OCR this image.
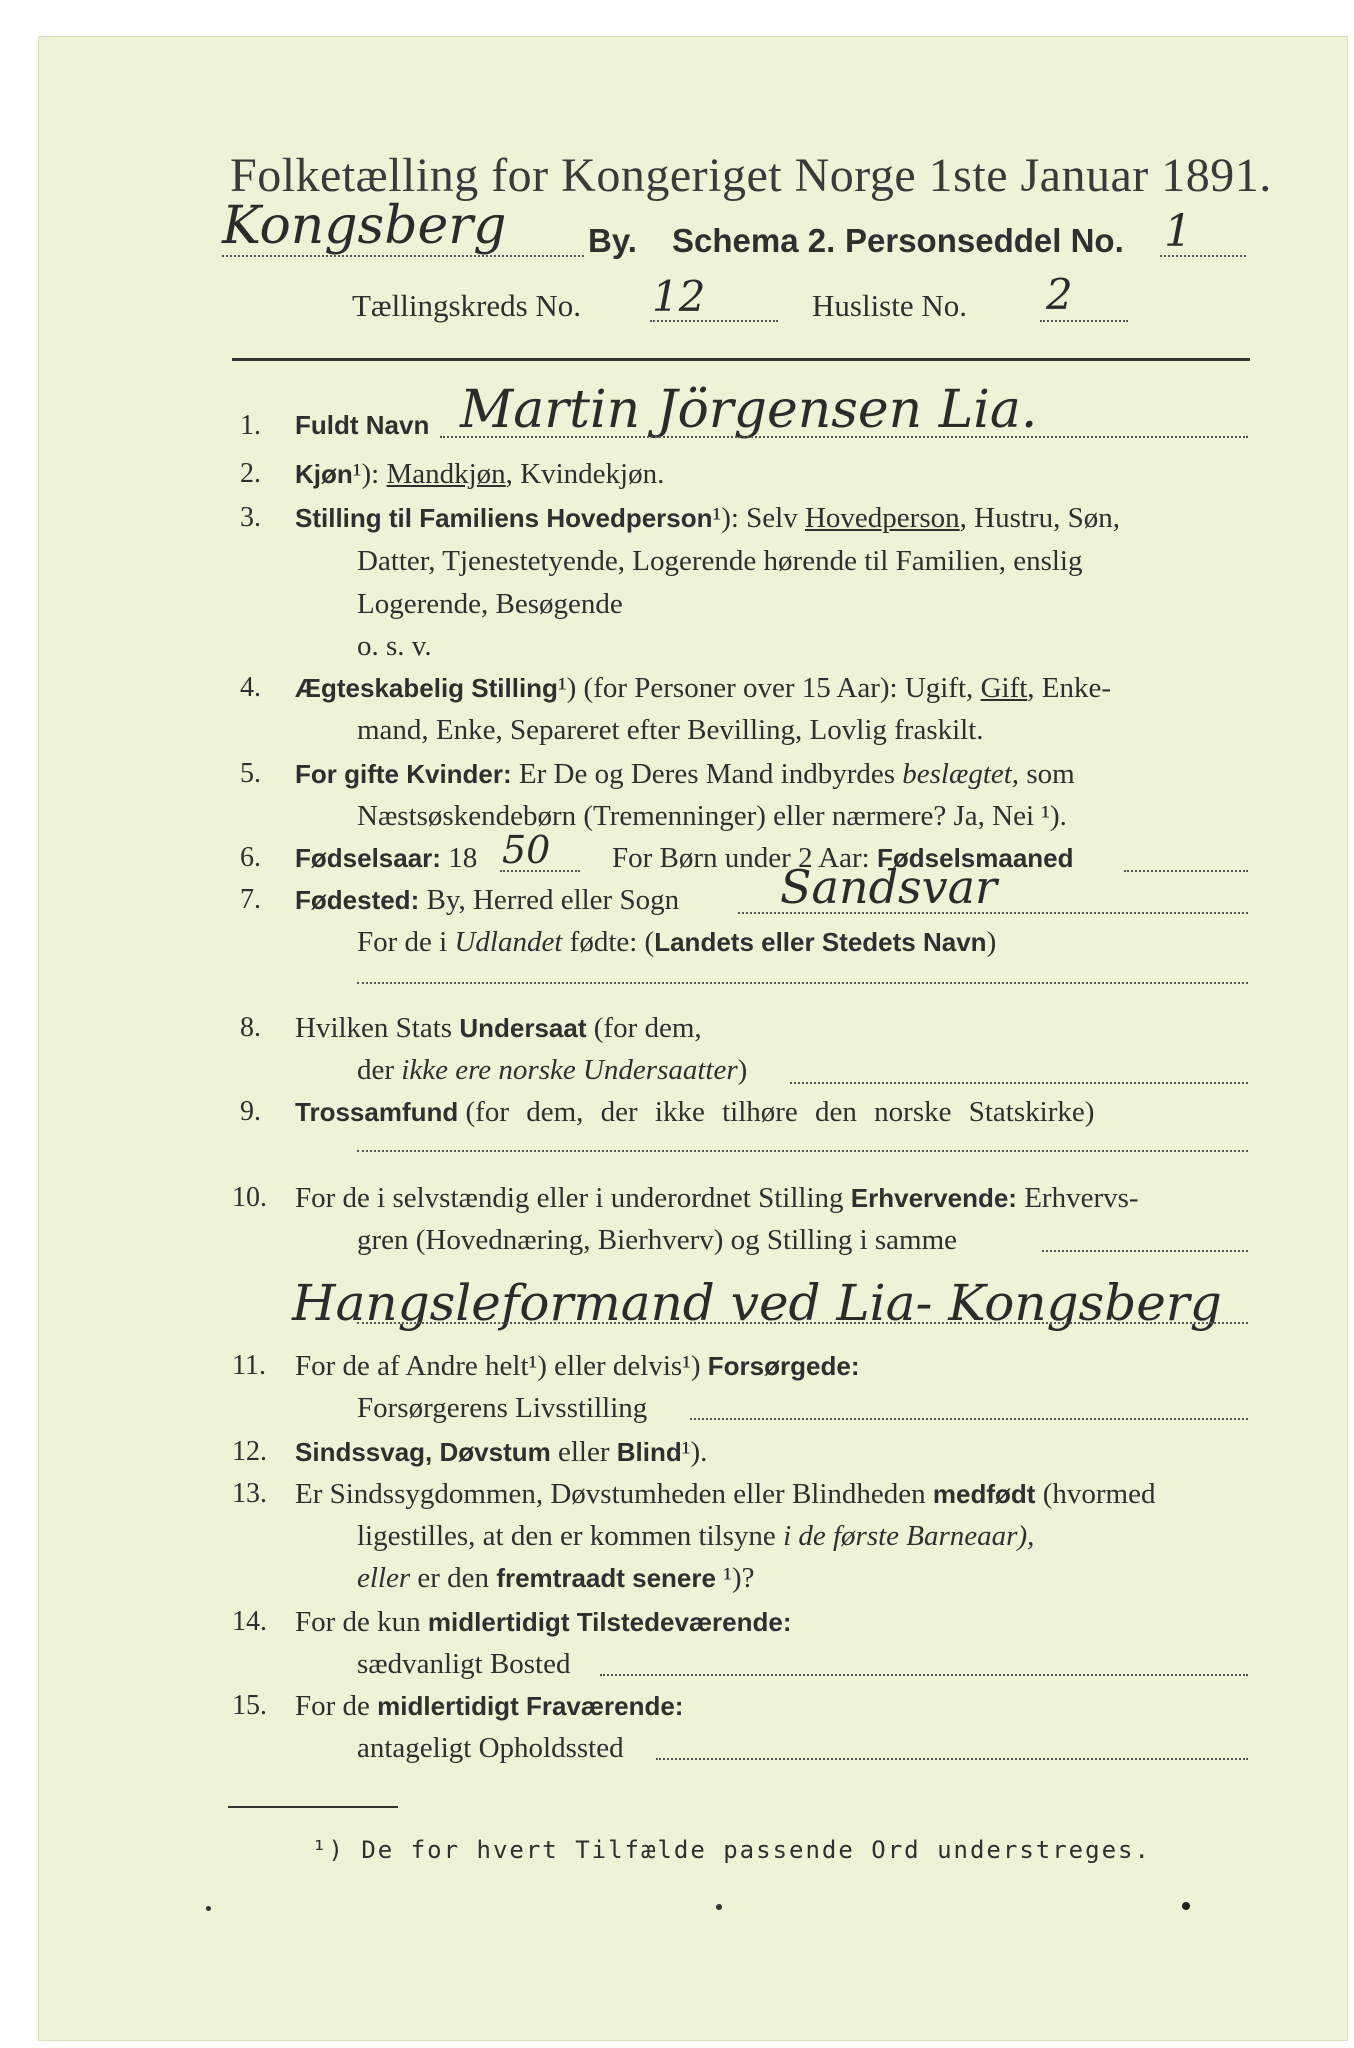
Folketælling for Kongeriget Norge 1ste Januar 1891.
Kongsberg By. Schema 2. Personseddel No. 1
Tællingskreds No. 12	Husliste No. 2
1. Fuldt Navn Martin Jörgensen Lia.
2. Kjøn¹): Mandkjøn, Kvindekjøn.
3. Stilling til Familiens Hovedperson¹): Selv Hovedperson, Hustru, Søn,
Datter, Tjenestetyende, Logerende hørende til Familien, enslig
Logerende, Besøgende
o. s. v.
4. Ægteskabelig Stilling¹) (for Personer over 15 Aar): Ugift, Gift, Enke-
mand, Enke, Separeret efter Bevilling, Lovlig fraskilt.
5. For gifte Kvinder: Er De og Deres Mand indbyrdes beslægtet, som
Næstsøskendebørn (Tremenninger) eller nærmere? Ja, Nei ¹).
6. Fødselsaar: 18 50 For Børn under 2 Aar: Fødselsmaaned
7. Fødested: By, Herred eller Sogn Sandsvar
For de i Udlandet fødte: (Landets eller Stedets Navn)
8. Hvilken Stats Undersaat (for dem,
der ikke ere norske Undersaatter)
9. Trossamfund (for dem, der ikke tilhøre den norske Statskirke)
10. For de i selvstændig eller i underordnet Stilling Erhvervende: Erhvervs-
gren (Hovednæring, Bierhverv) og Stilling i samme
Hangsleformand ved Lia- Kongsberg
11. For de af Andre helt¹) eller delvis¹) Forsørgede:
Forsørgerens Livsstilling
12. Sindssvag, Døvstum eller Blind¹).
13. Er Sindssygdommen, Døvstumheden eller Blindheden medfødt (hvormed
ligestilles, at den er kommen tilsyne i de første Barneaar),
eller er den fremtraadt senere ¹)?
14. For de kun midlertidigt Tilstedeværende:
sædvanligt Bosted
15. For de midlertidigt Fraværende:
antageligt Opholdssted
¹) De for hvert Tilfælde passende Ord understreges.
